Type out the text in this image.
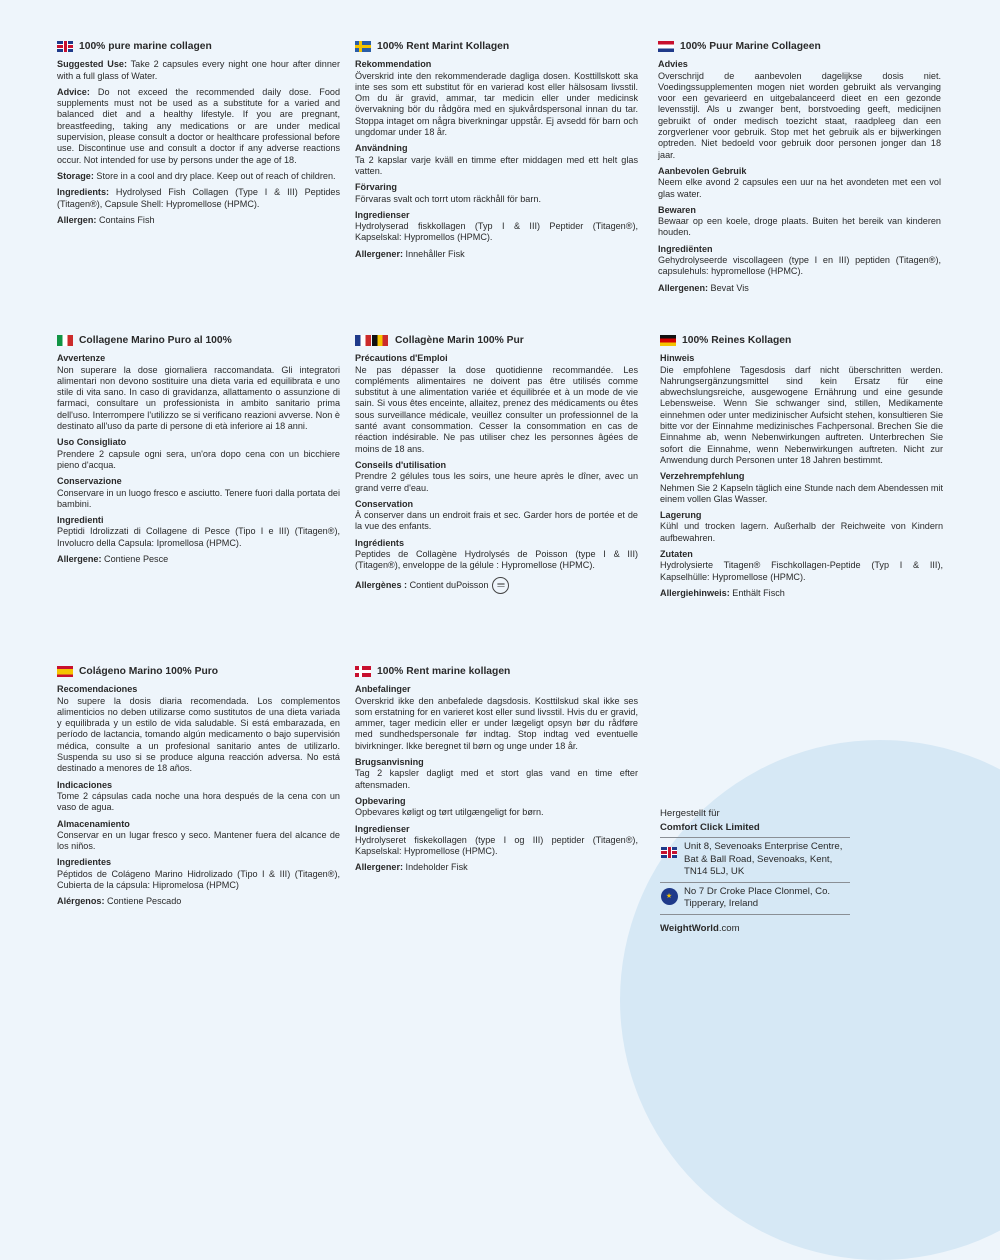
100% pure marine collagen
Suggested Use: Take 2 capsules every night one hour after dinner with a full glass of Water.
Advice: Do not exceed the recommended daily dose. Food supplements must not be used as a substitute for a varied and balanced diet and a healthy lifestyle. If you are pregnant, breastfeeding, taking any medications or are under medical supervision, please consult a doctor or healthcare professional before use. Discontinue use and consult a doctor if any adverse reactions occur. Not intended for use by persons under the age of 18.
Storage: Store in a cool and dry place. Keep out of reach of children.
Ingredients: Hydrolysed Fish Collagen (Type I & III) Peptides (Titagen®), Capsule Shell: Hypromellose (HPMC).
Allergen: Contains Fish
100% Rent Marint Kollagen
Rekommendation
Överskrid inte den rekommenderade dagliga dosen. Kosttillskott ska inte ses som ett substitut för en varierad kost eller hälsosam livsstil. Om du är gravid, ammar, tar medicin eller under medicinsk övervakning bör du rådgöra med en sjukvårdspersonal innan du tar. Stoppa intaget om några biverkningar uppstår. Ej avsedd för barn och ungdomar under 18 år.
Användning
Ta 2 kapslar varje kväll en timme efter middagen med ett helt glas vatten.
Förvaring
Förvaras svalt och torrt utom räckhåll för barn.
Ingredienser
Hydrolyserad fiskkollagen (Typ I & III) Peptider (Titagen®), Kapselskal: Hypromellos (HPMC).
Allergener: Innehåller Fisk
100% Puur Marine Collageen
Advies
Overschrijd de aanbevolen dagelijkse dosis niet. Voedingssupplementen mogen niet worden gebruikt als vervanging voor een gevarieerd en uitgebalanceerd dieet en een gezonde levensstijl. Als u zwanger bent, borstvoeding geeft, medicijnen gebruikt of onder medisch toezicht staat, raadpleeg dan een zorgverlener voor gebruik. Stop met het gebruik als er bijwerkingen optreden. Niet bedoeld voor gebruik door personen jonger dan 18 jaar.
Aanbevolen Gebruik
Neem elke avond 2 capsules een uur na het avondeten met een vol glas water.
Bewaren
Bewaar op een koele, droge plaats. Buiten het bereik van kinderen houden.
Ingrediënten
Gehydrolyseerde viscollageen (type I en III) peptiden (Titagen®), capsulehuls: hypromellose (HPMC).
Allergenen: Bevat Vis
Collagene Marino Puro al 100%
Avvertenze
Non superare la dose giornaliera raccomandata. Gli integratori alimentari non devono sostituire una dieta varia ed equilibrata e uno stile di vita sano. In caso di gravidanza, allattamento o assunzione di farmaci, consultare un professionista in ambito sanitario prima dell'uso. Interrompere l'utilizzo se si verificano reazioni avverse. Non è destinato all'uso da parte di persone di età inferiore ai 18 anni.
Uso Consigliato
Prendere 2 capsule ogni sera, un'ora dopo cena con un bicchiere pieno d'acqua.
Conservazione
Conservare in un luogo fresco e asciutto. Tenere fuori dalla portata dei bambini.
Ingredienti
Peptidi Idrolizzati di Collagene di Pesce (Tipo I e III) (Titagen®), Involucro della Capsula: Ipromellosa (HPMC).
Allergene: Contiene Pesce
Collagène Marin 100% Pur
Précautions d'Emploi
Ne pas dépasser la dose quotidienne recommandée. Les compléments alimentaires ne doivent pas être utilisés comme substitut à une alimentation variée et équilibrée et à un mode de vie sain. Si vous êtes enceinte, allaitez, prenez des médicaments ou êtes sous surveillance médicale, veuillez consulter un professionnel de la santé avant consommation. Cesser la consommation en cas de réaction indésirable. Ne pas utiliser chez les personnes âgées de moins de 18 ans.
Conseils d'utilisation
Prendre 2 gélules tous les soirs, une heure après le dîner, avec un grand verre d'eau.
Conservation
À conserver dans un endroit frais et sec. Garder hors de portée et de la vue des enfants.
Ingrédients
Peptides de Collagène Hydrolysés de Poisson (type I & III) (Titagen®), enveloppe de la gélule : Hypromellose (HPMC).
Allergènes : Contient duPoisson 𝄘
100% Reines Kollagen
Hinweis
Die empfohlene Tagesdosis darf nicht überschritten werden. Nahrungsergänzungsmittel sind kein Ersatz für eine abwechslungsreiche, ausgewogene Ernährung und eine gesunde Lebensweise. Wenn Sie schwanger sind, stillen, Medikamente einnehmen oder unter medizinischer Aufsicht stehen, konsultieren Sie bitte vor der Einnahme medizinisches Fachpersonal. Brechen Sie die Einnahme ab, wenn Nebenwirkungen auftreten. Unterbrechen Sie sofort die Einnahme, wenn Nebenwirkungen auftreten. Nicht zur Anwendung durch Personen unter 18 Jahren bestimmt.
Verzehrempfehlung
Nehmen Sie 2 Kapseln täglich eine Stunde nach dem Abendessen mit einem vollen Glas Wasser.
Lagerung
Kühl und trocken lagern. Außerhalb der Reichweite von Kindern aufbewahren.
Zutaten
Hydrolysierte Titagen® Fischkollagen-Peptide (Typ I & III), Kapselhülle: Hypromellose (HPMC).
Allergiehinweis: Enthält Fisch
Colágeno Marino 100% Puro
Recomendaciones
No supere la dosis diaria recomendada. Los complementos alimenticios no deben utilizarse como sustitutos de una dieta variada y equilibrada y un estilo de vida saludable. Si está embarazada, en período de lactancia, tomando algún medicamento o bajo supervisión médica, consulte a un profesional sanitario antes de utilizarlo. Suspenda su uso si se produce alguna reacción adversa. No está destinado a menores de 18 años.
Indicaciones
Tome 2 cápsulas cada noche una hora después de la cena con un vaso de agua.
Almacenamiento
Conservar en un lugar fresco y seco. Mantener fuera del alcance de los niños.
Ingredientes
Péptidos de Colágeno Marino Hidrolizado (Tipo I & III) (Titagen®), Cubierta de la cápsula: Hipromelosa (HPMC)
Alérgenos: Contiene Pescado
100% Rent marine kollagen
Anbefalinger
Overskrid ikke den anbefalede dagsdosis. Kosttilskud skal ikke ses som erstatning for en varieret kost eller sund livsstil. Hvis du er gravid, ammer, tager medicin eller er under lægeligt opsyn bør du rådføre med sundhedspersonale før indtag. Stop indtag ved eventuelle bivirkninger. Ikke beregnet til børn og unge under 18 år.
Brugsanvisning
Tag 2 kapsler dagligt med et stort glas vand en time efter aftensmaden.
Opbevaring
Opbevares køligt og tørt utilgængeligt for børn.
Ingredienser
Hydrolyseret fiskekollagen (type I og III) peptider (Titagen®), Kapselskal: Hypromellose (HPMC).
Allergener: Indeholder Fisk
Hergestellt für
Comfort Click Limited
Unit 8, Sevenoaks Enterprise Centre, Bat & Ball Road, Sevenoaks, Kent, TN14 5LJ, UK
★	No 7 Dr Croke Place Clonmel, Co. Tipperary, Ireland
WeightWorld.com
